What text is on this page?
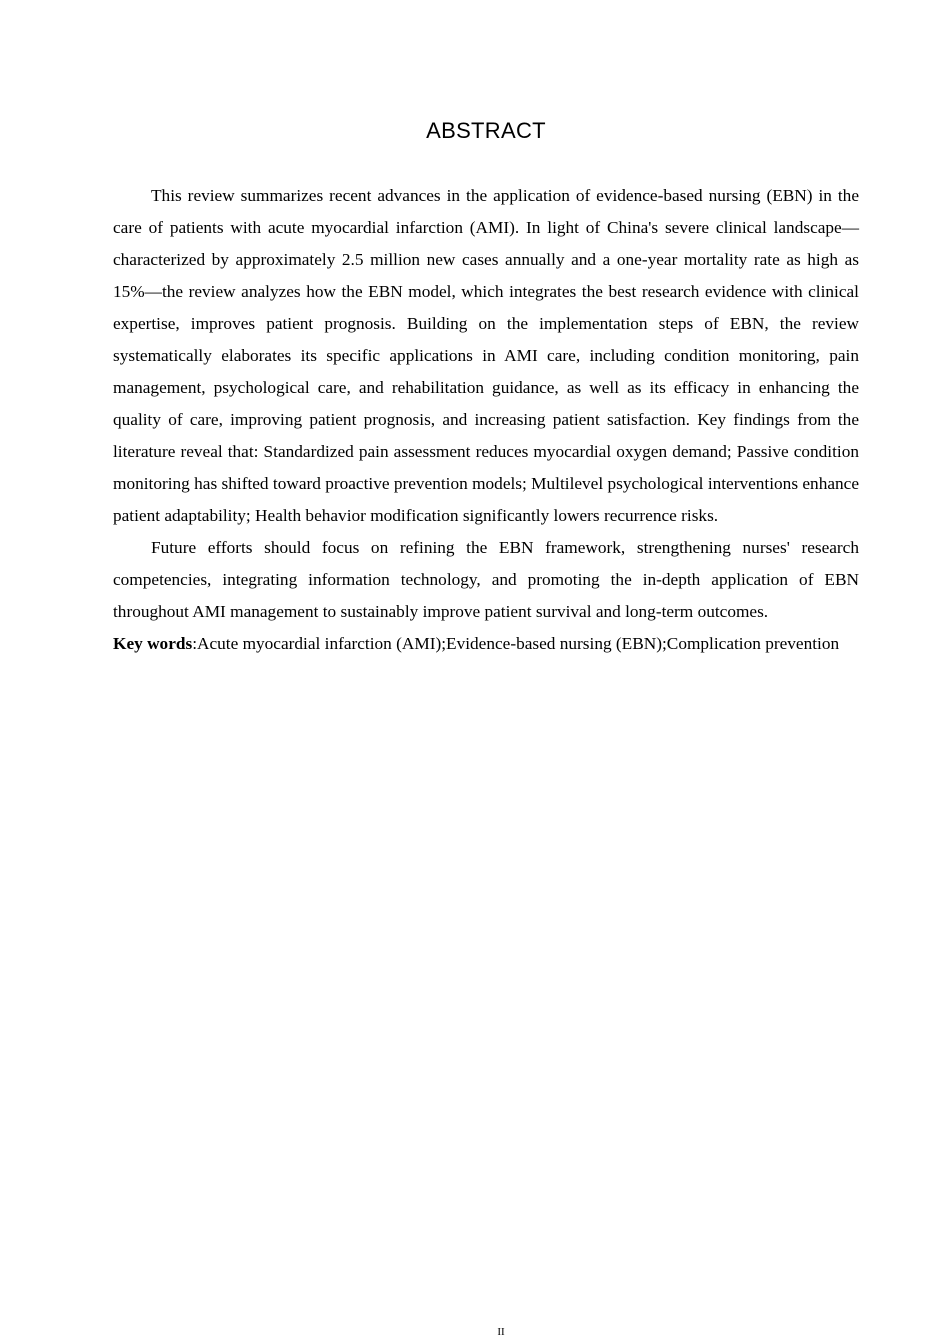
ABSTRACT

This review summarizes recent advances in the application of evidence-based nursing (EBN) in the care of patients with acute myocardial infarction (AMI). In light of China's severe clinical landscape—characterized by approximately 2.5 million new cases annually and a one-year mortality rate as high as 15%—the review analyzes how the EBN model, which integrates the best research evidence with clinical expertise, improves patient prognosis. Building on the implementation steps of EBN, the review systematically elaborates its specific applications in AMI care, including condition monitoring, pain management, psychological care, and rehabilitation guidance, as well as its efficacy in enhancing the quality of care, improving patient prognosis, and increasing patient satisfaction. Key findings from the literature reveal that: Standardized pain assessment reduces myocardial oxygen demand; Passive condition monitoring has shifted toward proactive prevention models; Multilevel psychological interventions enhance patient adaptability; Health behavior modification significantly lowers recurrence risks.

Future efforts should focus on refining the EBN framework, strengthening nurses' research competencies, integrating information technology, and promoting the in-depth application of EBN throughout AMI management to sustainably improve patient survival and long-term outcomes.

Key words:Acute myocardial infarction (AMI);Evidence-based nursing (EBN);Complication prevention

II
